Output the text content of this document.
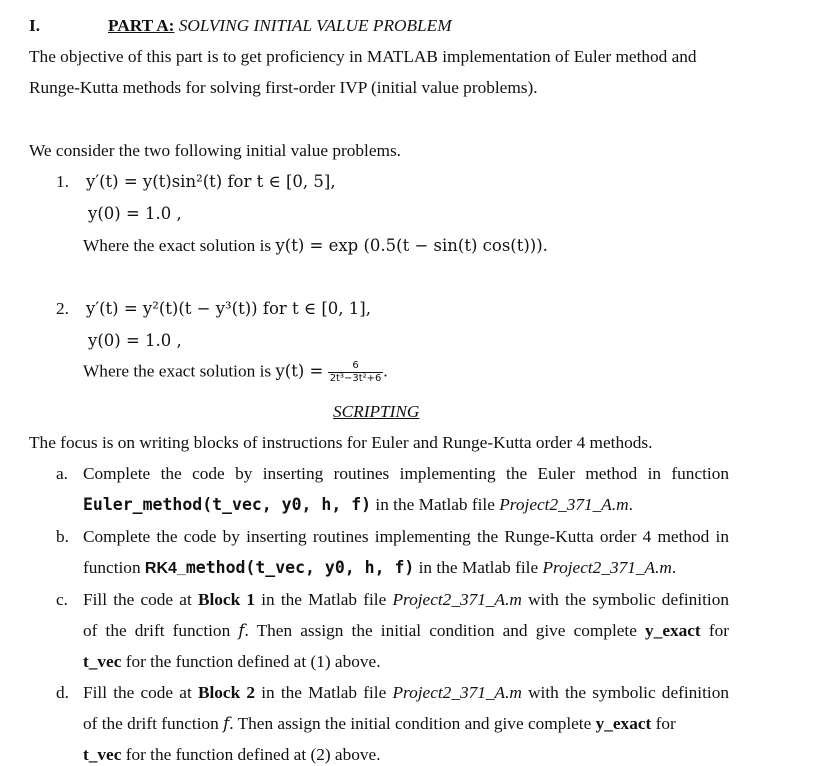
I.	PART A: SOLVING INITIAL VALUE PROBLEM
The objective of this part is to get proficiency in MATLAB implementation of Euler method and
Runge-Kutta methods for solving first-order IVP (initial value problems).
We consider the two following initial value problems.
1. y′(t) = y(t)sin²(t) for t ∈ [0, 5],
y(0) = 1.0 ,
Where the exact solution is y(t) = exp (0.5(t − sin(t) cos(t))).
2. y′(t) = y²(t)(t − y³(t)) for t ∈ [0, 1],
y(0) = 1.0 ,
Where the exact solution is $y(t) = \frac{6}{\text{2t³−3t²+6}}$ .
SCRIPTING
The focus is on writing blocks of instructions for Euler and Runge-Kutta order 4 methods.
a. Complete the code by inserting routines implementing the Euler method in function
Euler_method(t_vec, y0, h, f) in the Matlab file Project2_371_A.m.
b. Complete the code by inserting routines implementing the Runge-Kutta order 4 method in
function RK4_method(t_vec, y0, h, f) in the Matlab file Project2_371_A.m.
c. Fill the code at Block 1 in the Matlab file Project2_371_A.m with the symbolic definition
of the drift function f. Then assign the initial condition and give complete y_exact for
t_vec for the function defined at (1) above.
d. Fill the code at Block 2 in the Matlab file Project2_371_A.m with the symbolic definition
of the drift function f. Then assign the initial condition and give complete y_exact for
t_vec for the function defined at (2) above.
